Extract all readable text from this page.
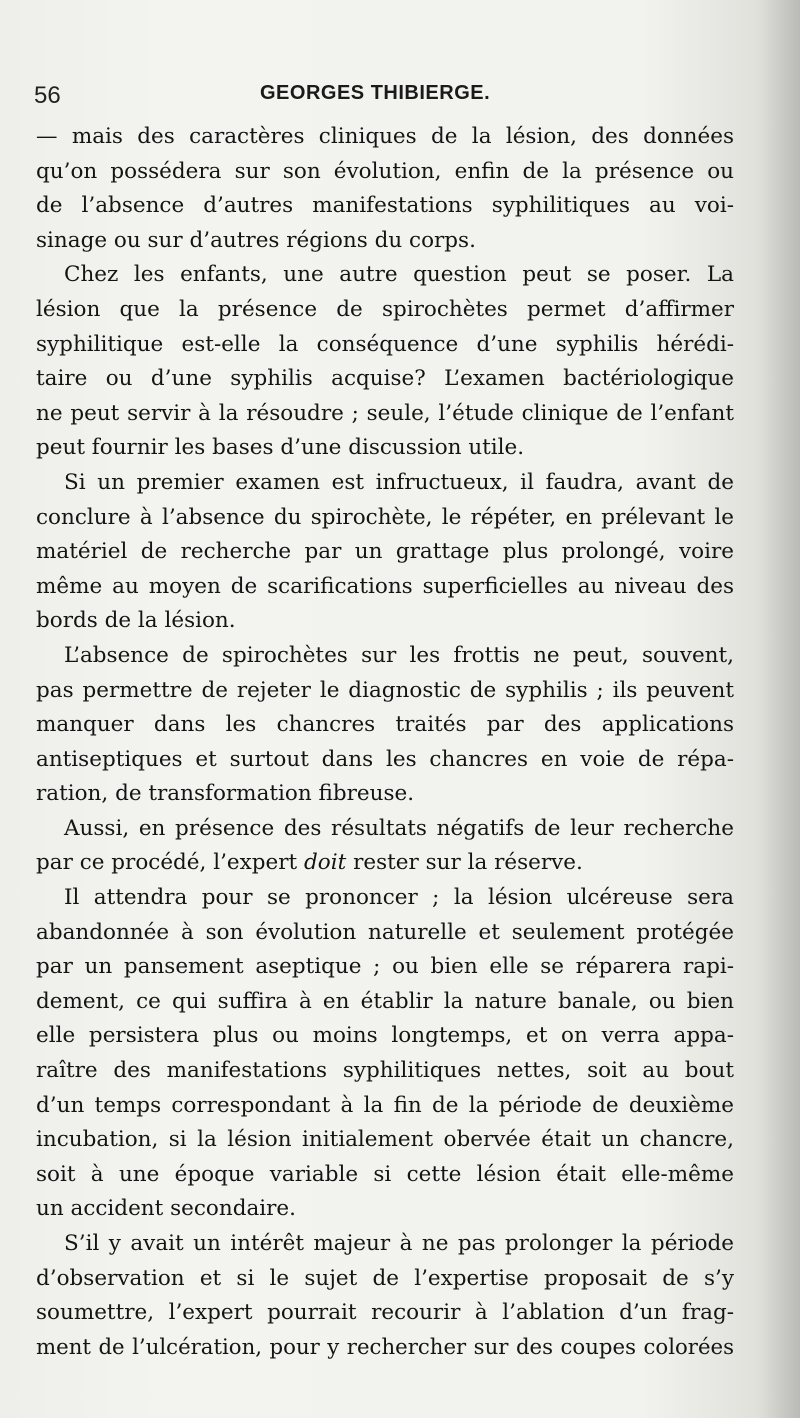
56	GEORGES THIBIERGE.
— mais des caractères cliniques de la lésion, des données
qu’on possédera sur son évolution, enfin de la présence ou
de l’absence d’autres manifestations syphilitiques au voi-
sinage ou sur d’autres régions du corps.
Chez les enfants, une autre question peut se poser. La
lésion que la présence de spirochètes permet d’affirmer
syphilitique est-elle la conséquence d’une syphilis hérédi-
taire ou d’une syphilis acquise? L’examen bactériologique
ne peut servir à la résoudre ; seule, l’étude clinique de l’enfant
peut fournir les bases d’une discussion utile.
Si un premier examen est infructueux, il faudra, avant de
conclure à l’absence du spirochète, le répéter, en prélevant le
matériel de recherche par un grattage plus prolongé, voire
même au moyen de scarifications superficielles au niveau des
bords de la lésion.
L’absence de spirochètes sur les frottis ne peut, souvent,
pas permettre de rejeter le diagnostic de syphilis ; ils peuvent
manquer dans les chancres traités par des applications
antiseptiques et surtout dans les chancres en voie de répa-
ration, de transformation fibreuse.
Aussi, en présence des résultats négatifs de leur recherche
par ce procédé, l’expert doit rester sur la réserve.
Il attendra pour se prononcer ; la lésion ulcéreuse sera
abandonnée à son évolution naturelle et seulement protégée
par un pansement aseptique ; ou bien elle se réparera rapi-
dement, ce qui suffira à en établir la nature banale, ou bien
elle persistera plus ou moins longtemps, et on verra appa-
raître des manifestations syphilitiques nettes, soit au bout
d’un temps correspondant à la fin de la période de deuxième
incubation, si la lésion initialement obervée était un chancre,
soit à une époque variable si cette lésion était elle-même
un accident secondaire.
S’il y avait un intérêt majeur à ne pas prolonger la période
d’observation et si le sujet de l’expertise proposait de s’y
soumettre, l’expert pourrait recourir à l’ablation d’un frag-
ment de l’ulcération, pour y rechercher sur des coupes colorées
